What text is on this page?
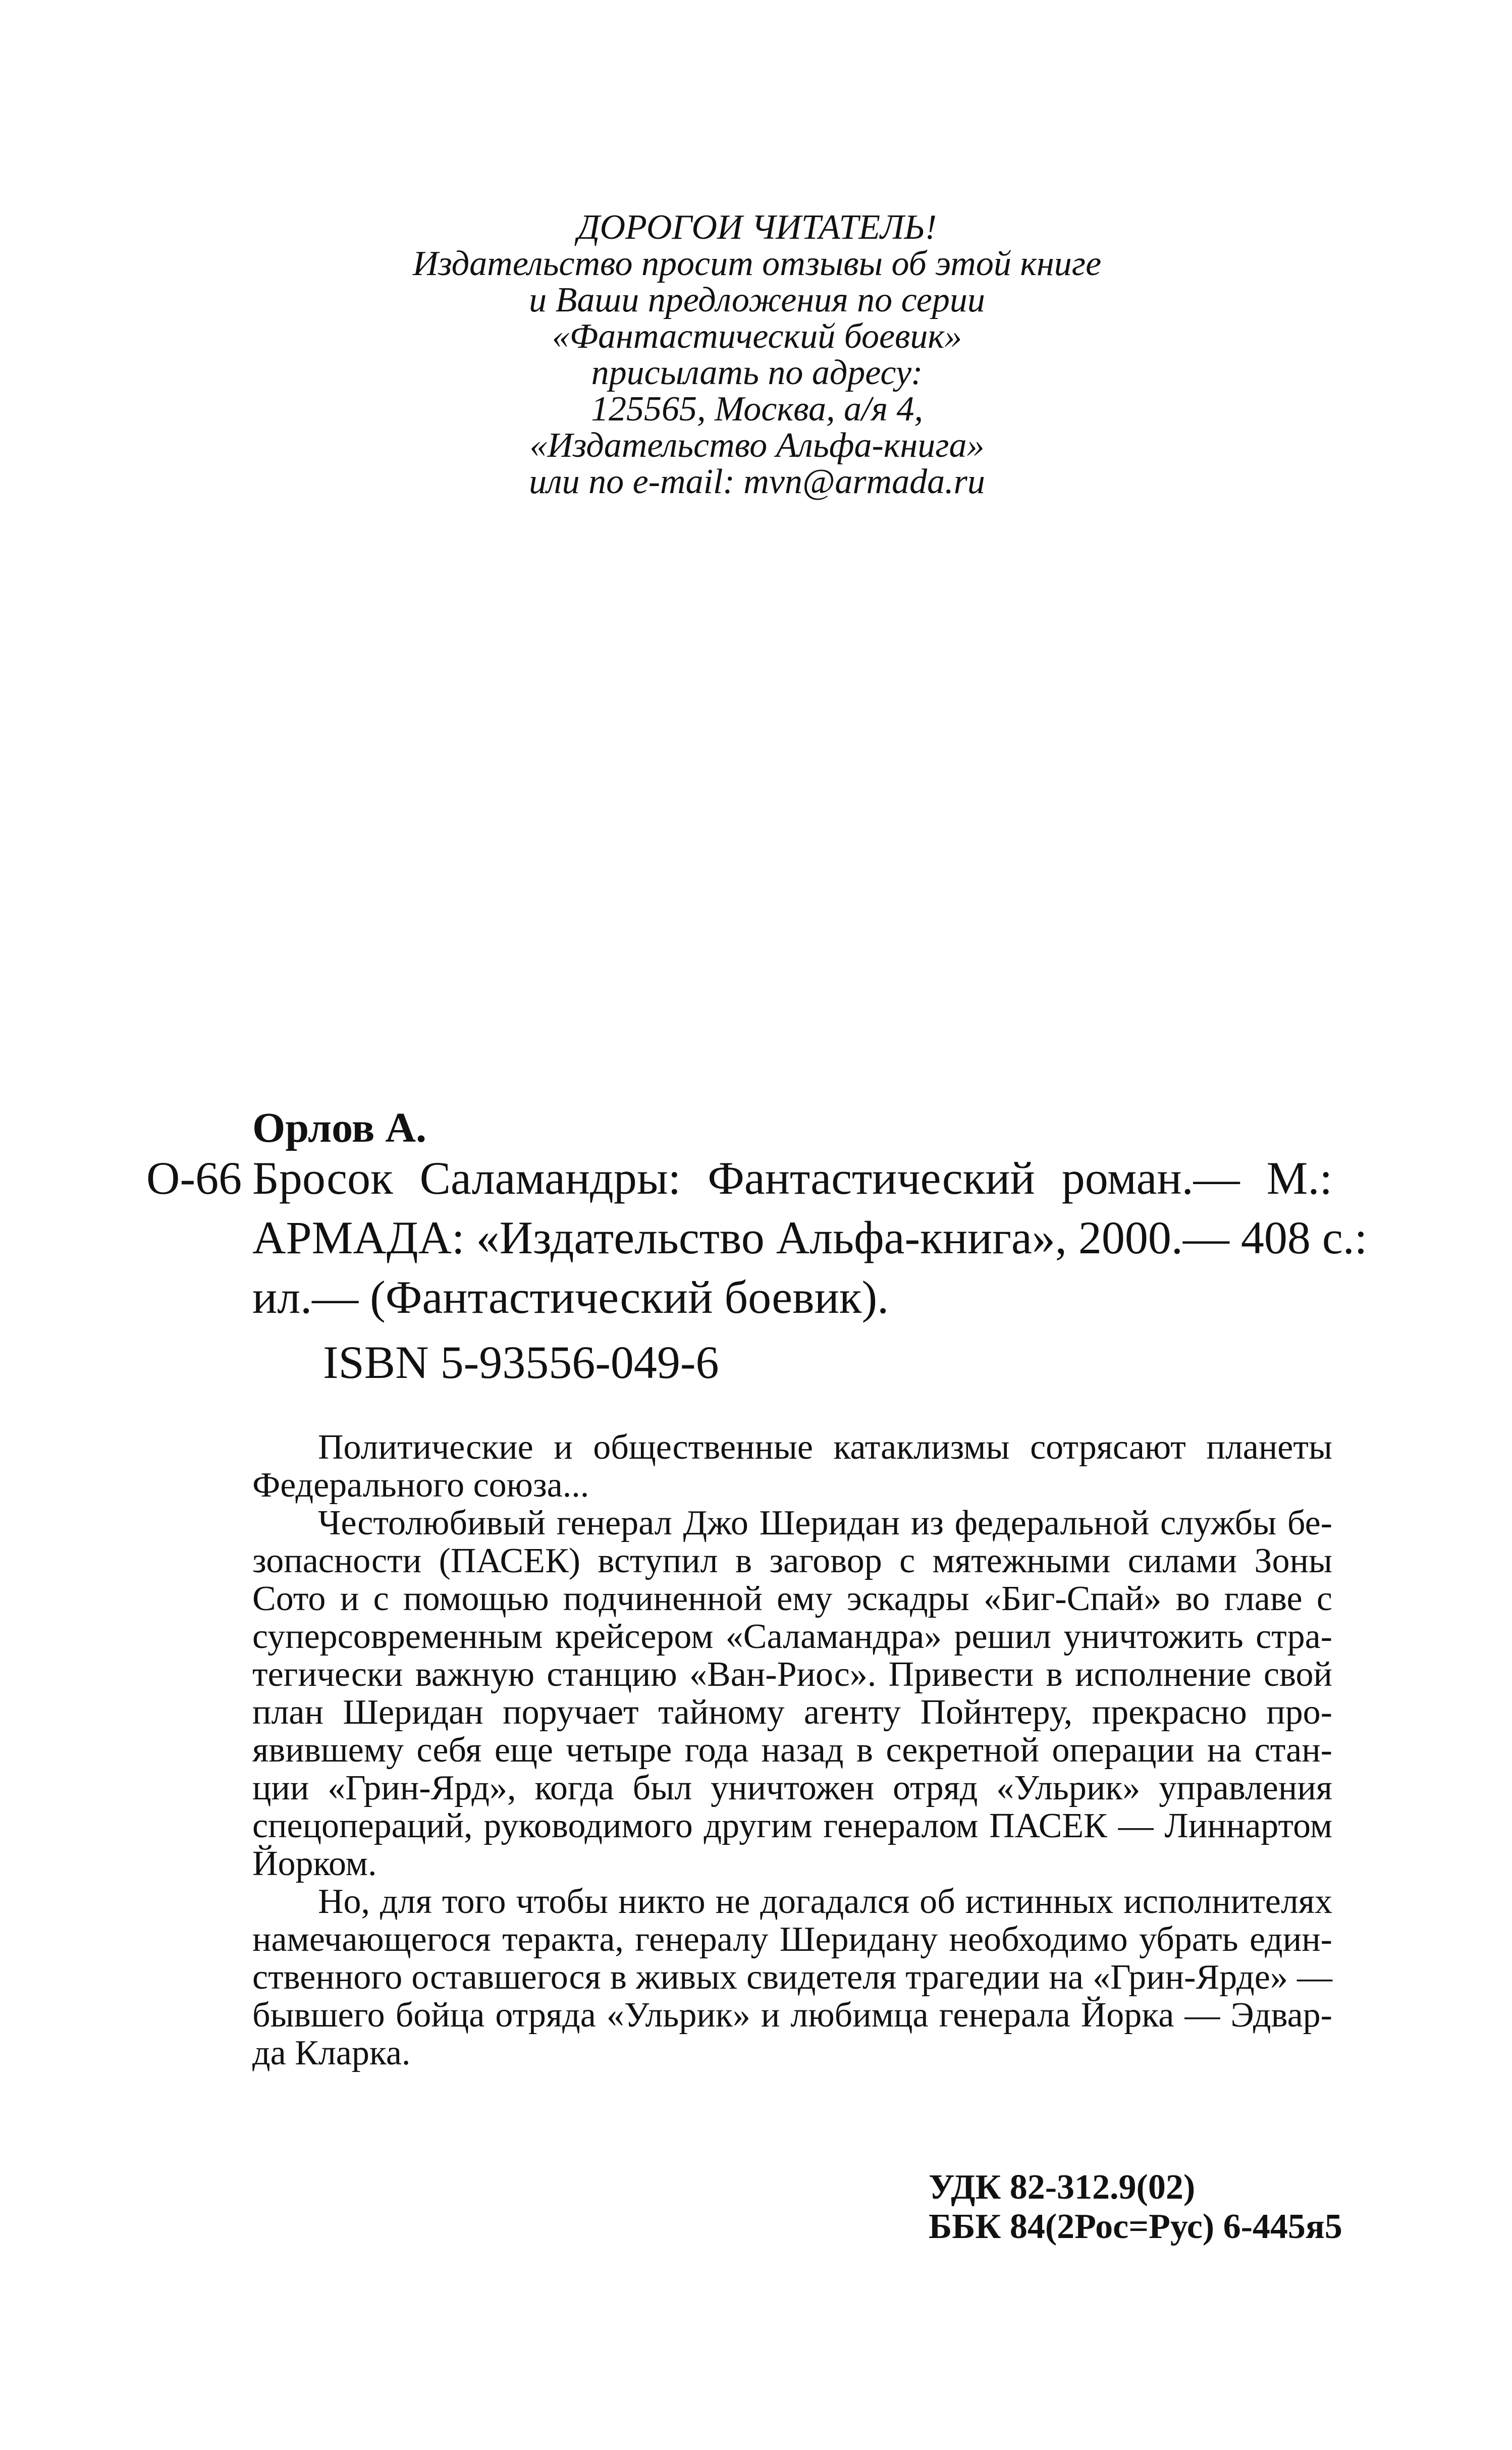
ДОРОГОИ ЧИТАТЕЛЬ!
Издательство просит отзывы об этой книге
и Ваши предложения по серии
«Фантастический боевик»
присылать по адресу:
125565, Москва, а/я 4,
«Издательство Альфа-книга»
или по e-mail: mvn@armada.ru
Орлов А.
О-66 Бросок Саламандры: Фантастический роман.— М.:
АРМАДА: «Издательство Альфа-книга», 2000.— 408 с.:
ил.— (Фантастический боевик).
ISBN 5-93556-049-6
Политические и общественные катаклизмы сотрясают планеты
Федерального союза...
Честолюбивый генерал Джо Шеридан из федеральной службы бе-
зопасности (ПАСЕК) вступил в заговор с мятежными силами Зоны
Сото и с помощью подчиненной ему эскадры «Биг-Спай» во главе с
суперсовременным крейсером «Саламандра» решил уничтожить стра-
тегически важную станцию «Ван-Риос». Привести в исполнение свой
план Шеридан поручает тайному агенту Пойнтеру, прекрасно про-
явившему себя еще четыре года назад в секретной операции на стан-
ции «Грин-Ярд», когда был уничтожен отряд «Ульрик» управления
спецопераций, руководимого другим генералом ПАСЕК — Линнартом
Йорком.
Но, для того чтобы никто не догадался об истинных исполнителях
намечающегося теракта, генералу Шеридану необходимо убрать един-
ственного оставшегося в живых свидетеля трагедии на «Грин-Ярде» —
бывшего бойца отряда «Ульрик» и любимца генерала Йорка — Эдвар-
да Кларка.
УДК 82-312.9(02)
ББК 84(2Рос=Рус) 6-445я5
